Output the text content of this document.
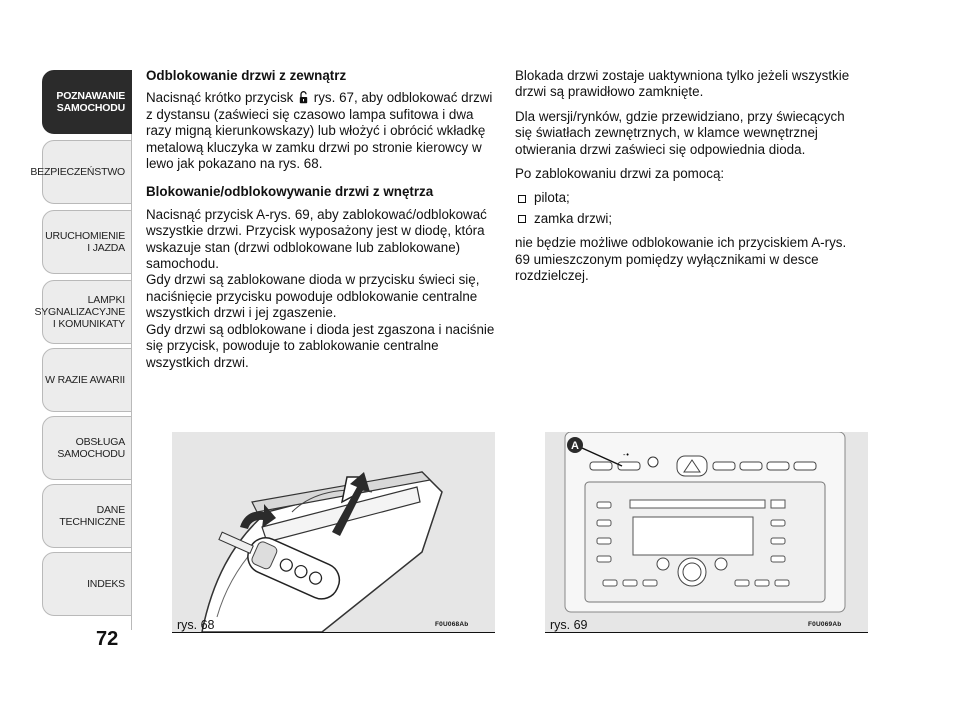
POZNAWANIE
SAMOCHODU
BEZPIECZEŃSTWO
URUCHOMIENIE
I JAZDA
LAMPKI
SYGNALIZACYJNE
I KOMUNIKATY
W RAZIE AWARII
OBSŁUGA
SAMOCHODU
DANE
TECHNICZNE
INDEKS
72
Odblokowanie drzwi z zewnątrz

Nacisnąć krótko przycisk  rys. 67, aby odblokować drzwi z dystansu (zaświeci się czasowo lampa sufitowa i dwa razy migną kierunkowskazy) lub włożyć i obrócić wkładkę metalową kluczyka w zamku drzwi po stronie kierowcy w lewo jak pokazano na rys. 68.

Blokowanie/odblokowywanie drzwi z wnętrza

Nacisnąć przycisk A-rys. 69, aby zablokować/odblokować wszystkie drzwi. Przycisk wyposażony jest w diodę, która wskazuje stan (drzwi odblokowane lub zablokowane) samochodu.

Gdy drzwi są zablokowane dioda w przycisku świeci się, naciśnięcie przycisku powoduje odblokowanie centralne wszystkich drzwi i jej zgaszenie.

Gdy drzwi są odblokowane i dioda jest zgaszona i naciśnie się przycisk, powoduje to zablokowanie centralne wszystkich drzwi.

Blokada drzwi zostaje uaktywniona tylko jeżeli wszystkie drzwi są prawidłowo zamknięte.

Dla wersji/rynków, gdzie przewidziano, przy świecących się światłach zewnętrznych, w klamce wewnętrznej otwierania drzwi zaświeci się odpowiednia dioda.

Po zablokowaniu drzwi za pomocą:

pilota;
zamka drzwi;

nie będzie możliwe odblokowanie ich przyciskiem A-rys. 69 umieszczonym pomiędzy wyłącznikami w desce rozdzielczej.

rys. 68	F0U068Ab
-•
A
rys. 69	F0U069Ab
